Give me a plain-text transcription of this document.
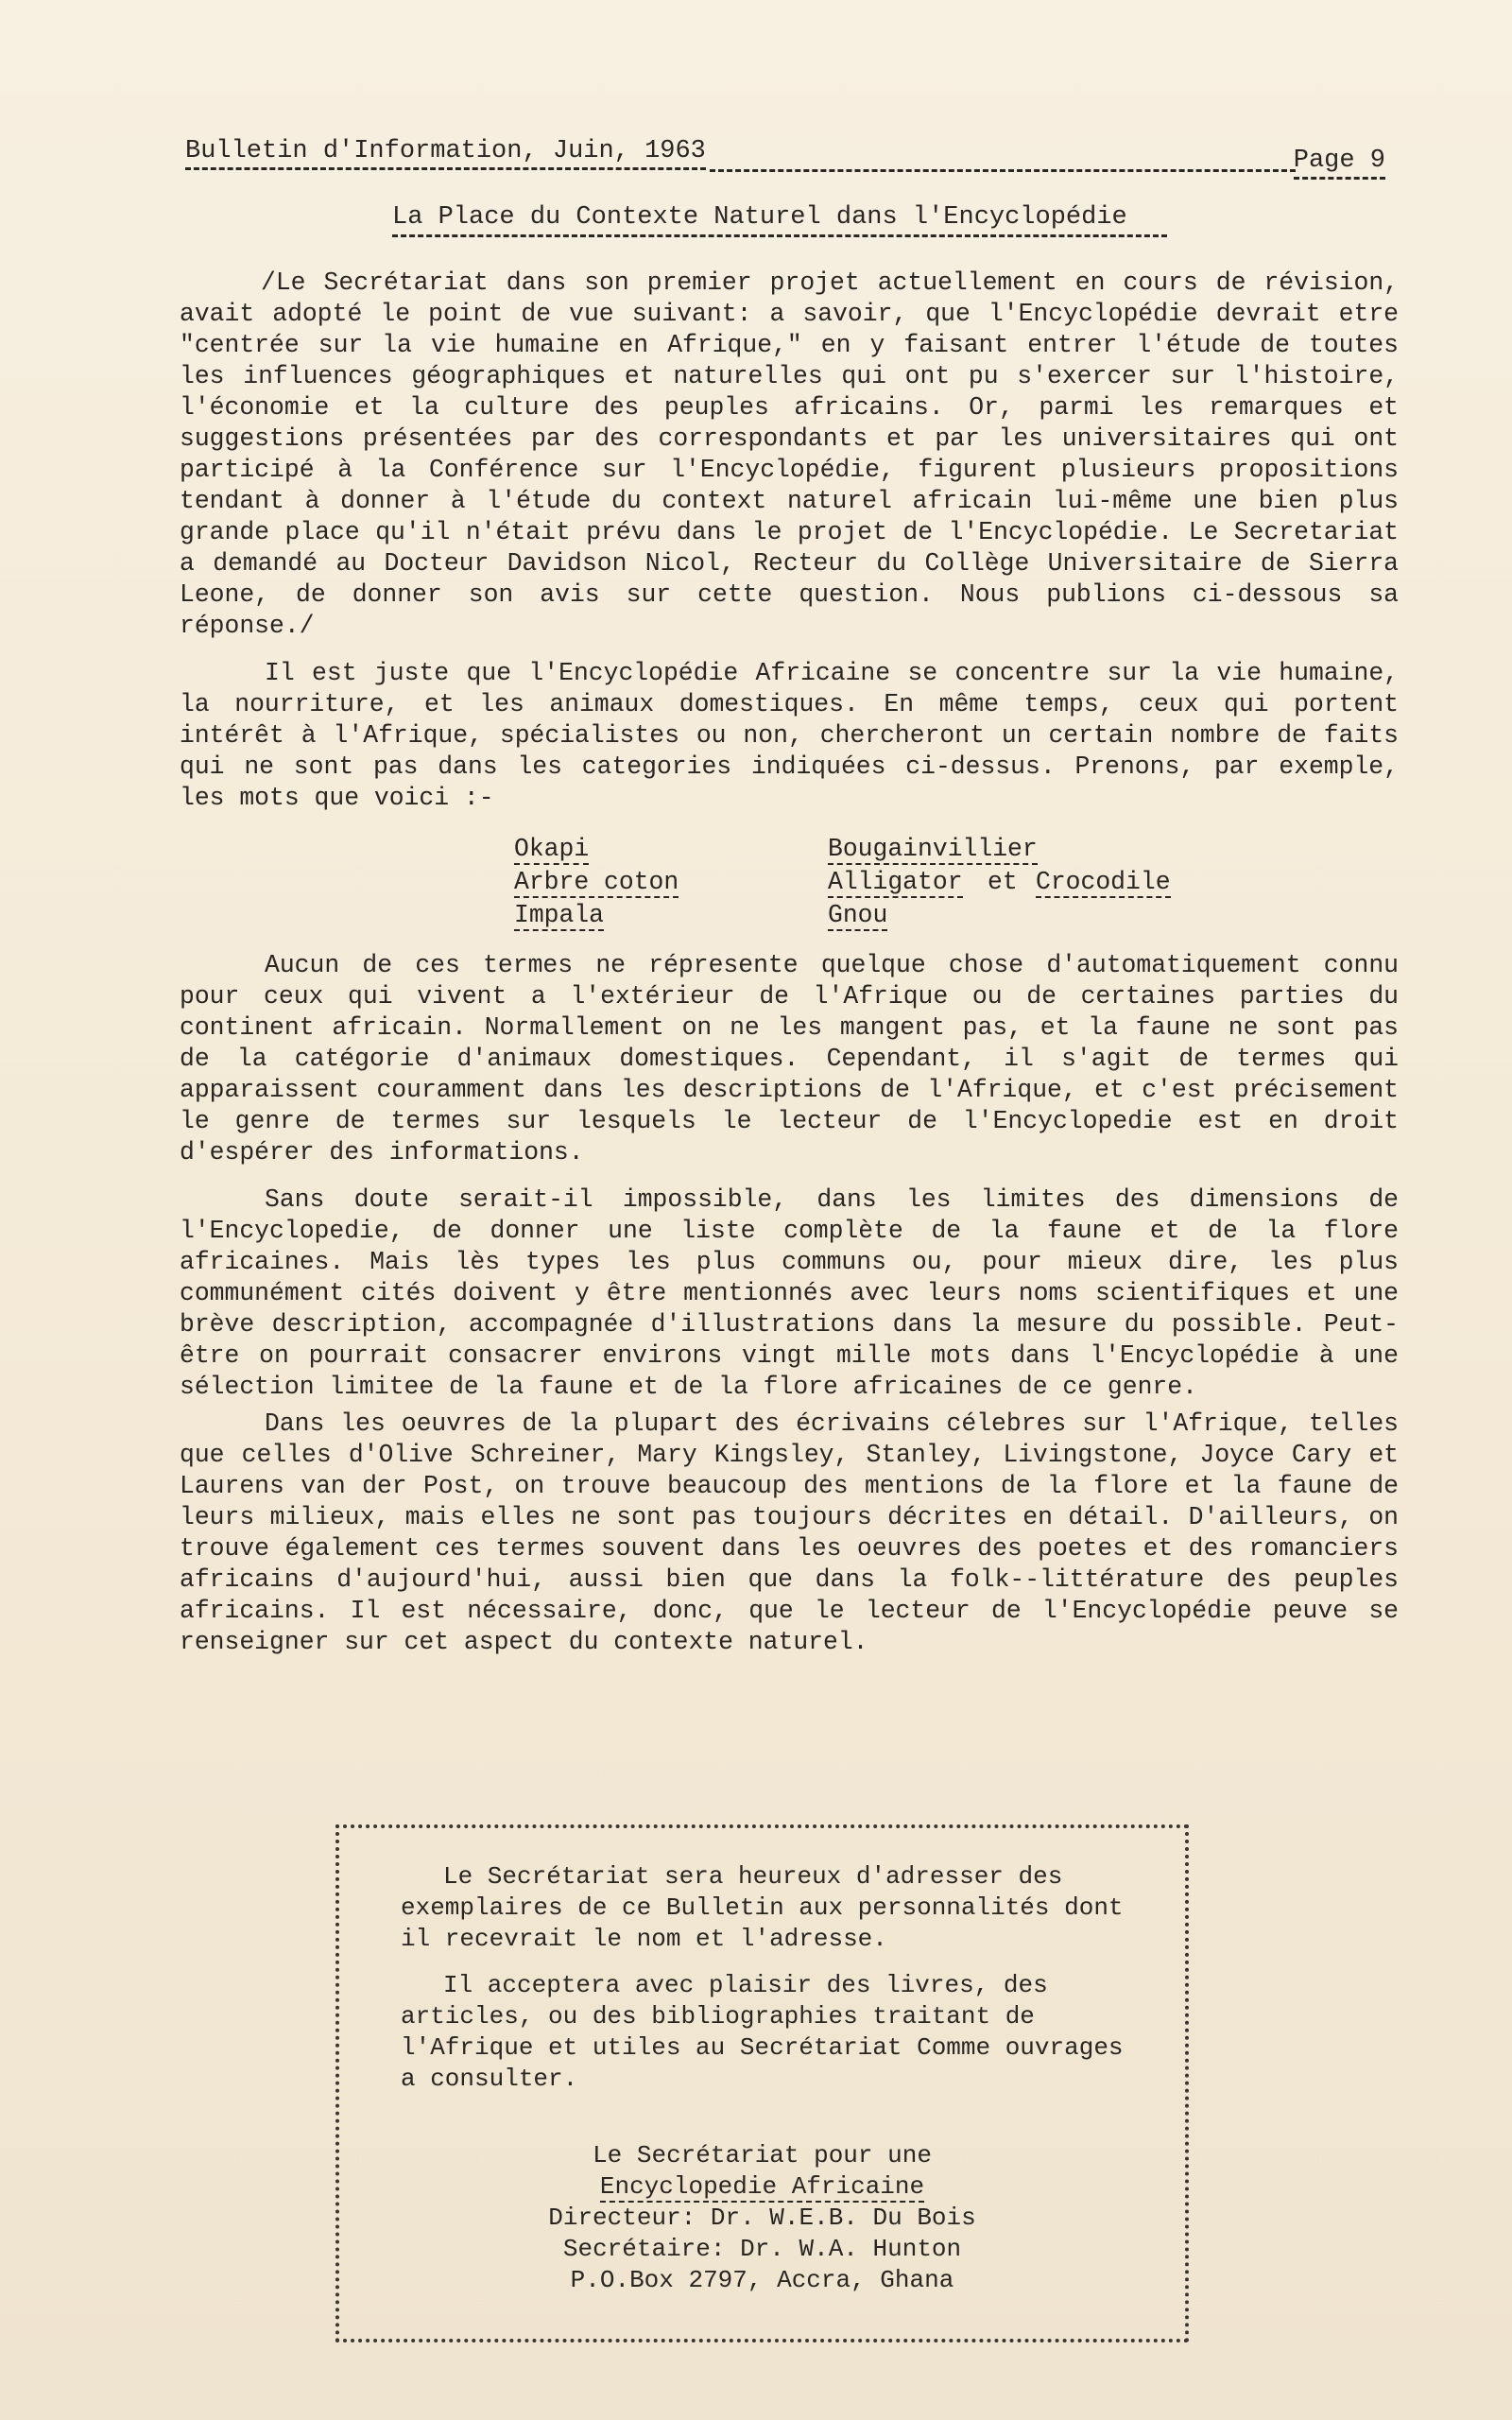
Bulletin d'Information, Juin, 1963	Page 9
La Place du Contexte Naturel dans l'Encyclopédie

/Le Secrétariat dans son premier projet actuellement en cours de révision, avait adopté le point de vue suivant: a savoir, que l'Encyclopédie devrait etre "centrée sur la vie humaine en Afrique," en y faisant entrer l'étude de toutes les influences géographiques et naturelles qui ont pu s'exercer sur l'histoire, l'économie et la culture des peuples africains. Or, parmi les remarques et suggestions présentées par des correspondants et par les universitaires qui ont participé à la Conférence sur l'Encyclopédie, figurent plusieurs propositions tendant à donner à l'étude du context naturel africain lui-même une bien plus grande place qu'il n'était prévu dans le projet de l'Encyclopédie. Le Secretariat a demandé au Docteur Davidson Nicol, Recteur du Collège Universitaire de Sierra Leone, de donner son avis sur cette question. Nous publions ci-dessous sa réponse./

Il est juste que l'Encyclopédie Africaine se concentre sur la vie humaine, la nourriture, et les animaux domestiques. En même temps, ceux qui portent intérêt à l'Afrique, spécialistes ou non, chercheront un certain nombre de faits qui ne sont pas dans les categories indiquées ci-dessus. Prenons, par exemple, les mots que voici :-

Okapi
Arbre coton
Impala
Bougainvillier
Alligator et Crocodile
Gnou

Aucun de ces termes ne répresente quelque chose d'automatiquement connu pour ceux qui vivent a l'extérieur de l'Afrique ou de certaines parties du continent africain. Normallement on ne les mangent pas, et la faune ne sont pas de la catégorie d'animaux domestiques. Cependant, il s'agit de termes qui apparaissent couramment dans les descriptions de l'Afrique, et c'est précisement le genre de termes sur lesquels le lecteur de l'Encyclopedie est en droit d'espérer des informations.

Sans doute serait-il impossible, dans les limites des dimensions de l'Encyclopedie, de donner une liste complète de la faune et de la flore africaines. Mais lès types les plus communs ou, pour mieux dire, les plus communément cités doivent y être mentionnés avec leurs noms scientifiques et une brève description, accompagnée d'illustrations dans la mesure du possible. Peut-être on pourrait consacrer environs vingt mille mots dans l'Encyclopédie à une sélection limitee de la faune et de la flore africaines de ce genre.

Dans les oeuvres de la plupart des écrivains célebres sur l'Afrique, telles que celles d'Olive Schreiner, Mary Kingsley, Stanley, Livingstone, Joyce Cary et Laurens van der Post, on trouve beaucoup des mentions de la flore et la faune de leurs milieux, mais elles ne sont pas toujours décrites en détail. D'ailleurs, on trouve également ces termes souvent dans les oeuvres des poetes et des romanciers africains d'aujourd'hui, aussi bien que dans la folk--littérature des peuples africains. Il est nécessaire, donc, que le lecteur de l'Encyclopédie peuve se renseigner sur cet aspect du contexte naturel.

Le Secrétariat sera heureux d'adresser des exemplaires de ce Bulletin aux personnalités dont il recevrait le nom et l'adresse.

Il acceptera avec plaisir des livres, des articles, ou des bibliographies traitant de l'Afrique et utiles au Secrétariat Comme ouvrages a consulter.

Le Secrétariat pour une
Encyclopedie Africaine
Directeur: Dr. W.E.B. Du Bois
Secrétaire: Dr. W.A. Hunton
P.O.Box 2797, Accra, Ghana
